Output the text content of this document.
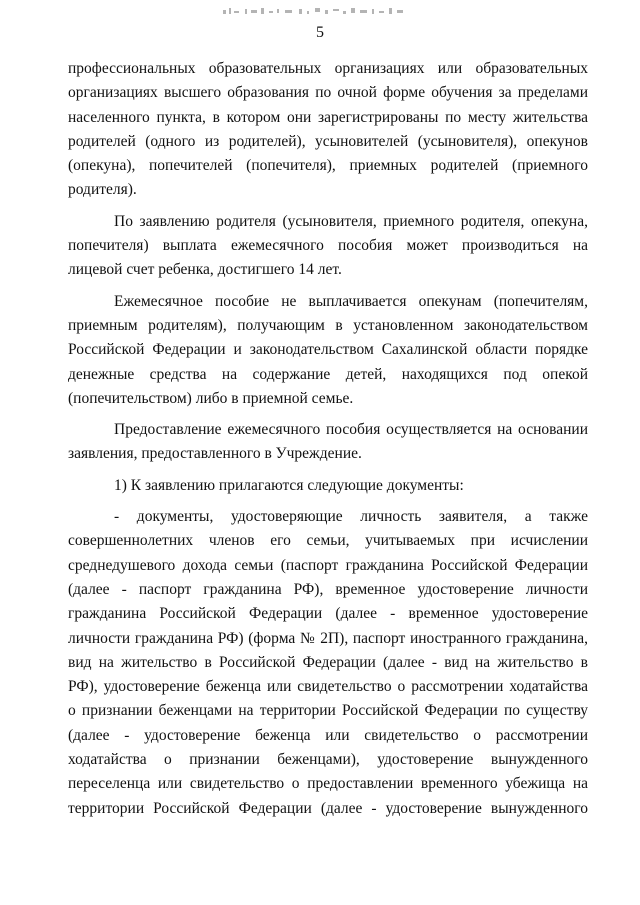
5
профессиональных образовательных организациях или образовательных
организациях высшего образования по очной форме обучения за пределами
населенного пункта, в котором они зарегистрированы по месту жительства
родителей (одного из родителей), усыновителей (усыновителя), опекунов
(опекуна), попечителей (попечителя), приемных родителей (приемного
родителя).
По заявлению родителя (усыновителя, приемного родителя, опекуна,
попечителя) выплата ежемесячного пособия может производиться на
лицевой счет ребенка, достигшего 14 лет.
Ежемесячное пособие не выплачивается опекунам (попечителям,
приемным родителям), получающим в установленном законодательством
Российской Федерации и законодательством Сахалинской области порядке
денежные средства на содержание детей, находящихся под опекой
(попечительством) либо в приемной семье.
Предоставление ежемесячного пособия осуществляется на основании
заявления, предоставленного в Учреждение.
1) К заявлению прилагаются следующие документы:
- документы, удостоверяющие личность заявителя, а также
совершеннолетних членов его семьи, учитываемых при исчислении
среднедушевого дохода семьи (паспорт гражданина Российской Федерации
(далее - паспорт гражданина РФ), временное удостоверение личности
гражданина Российской Федерации (далее - временное удостоверение
личности гражданина РФ) (форма № 2П), паспорт иностранного гражданина,
вид на жительство в Российской Федерации (далее - вид на жительство в
РФ), удостоверение беженца или свидетельство о рассмотрении ходатайства
о признании беженцами на территории Российской Федерации по существу
(далее - удостоверение беженца или свидетельство о рассмотрении
ходатайства о признании беженцами), удостоверение вынужденного
переселенца или свидетельство о предоставлении временного убежища на
территории Российской Федерации (далее - удостоверение вынужденного
